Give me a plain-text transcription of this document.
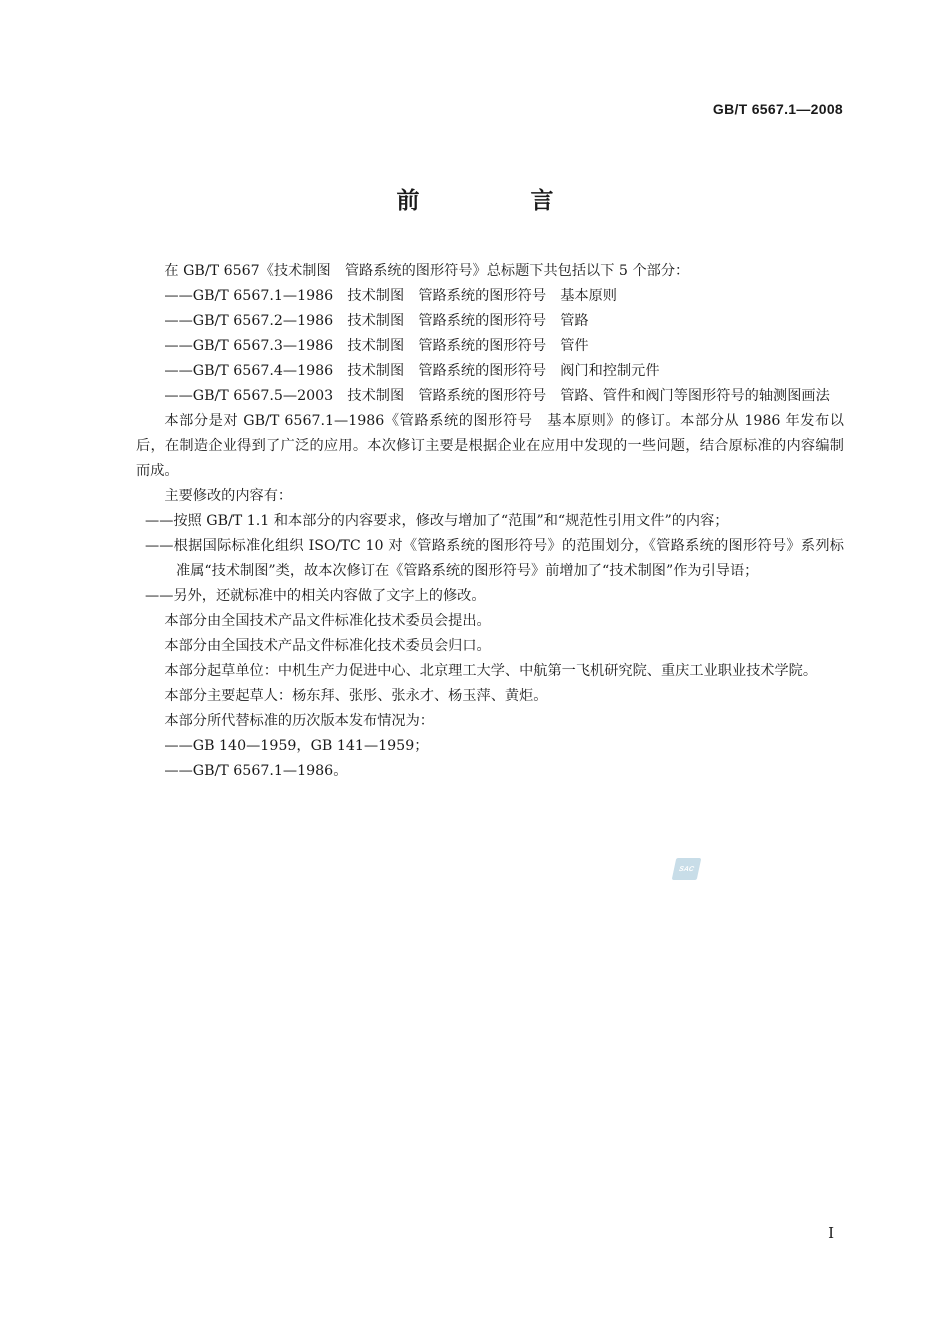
GB/T 6567.1—2008
前　言

在 GB/T 6567《技术制图　管路系统的图形符号》总标题下共包括以下 5 个部分：

——GB/T 6567.1—1986　技术制图　管路系统的图形符号　基本原则

——GB/T 6567.2—1986　技术制图　管路系统的图形符号　管路

——GB/T 6567.3—1986　技术制图　管路系统的图形符号　管件

——GB/T 6567.4—1986　技术制图　管路系统的图形符号　阀门和控制元件

——GB/T 6567.5—2003　技术制图　管路系统的图形符号　管路、管件和阀门等图形符号的轴测图画法

本部分是对 GB/T 6567.1—1986《管路系统的图形符号　基本原则》的修订。本部分从 1986 年发布以后，在制造企业得到了广泛的应用。本次修订主要是根据企业在应用中发现的一些问题，结合原标准的内容编制而成。

主要修改的内容有：

——按照 GB/T 1.1 和本部分的内容要求，修改与增加了“范围”和“规范性引用文件”的内容；

——根据国际标准化组织 ISO/TC 10 对《管路系统的图形符号》的范围划分，《管路系统的图形符号》系列标准属“技术制图”类，故本次修订在《管路系统的图形符号》前增加了“技术制图”作为引导语；

——另外，还就标准中的相关内容做了文字上的修改。

本部分由全国技术产品文件标准化技术委员会提出。

本部分由全国技术产品文件标准化技术委员会归口。

本部分起草单位：中机生产力促进中心、北京理工大学、中航第一飞机研究院、重庆工业职业技术学院。

本部分主要起草人：杨东拜、张彤、张永才、杨玉萍、黄炬。

本部分所代替标准的历次版本发布情况为：

——GB 140—1959，GB 141—1959；

——GB/T 6567.1—1986。

SAC
I
